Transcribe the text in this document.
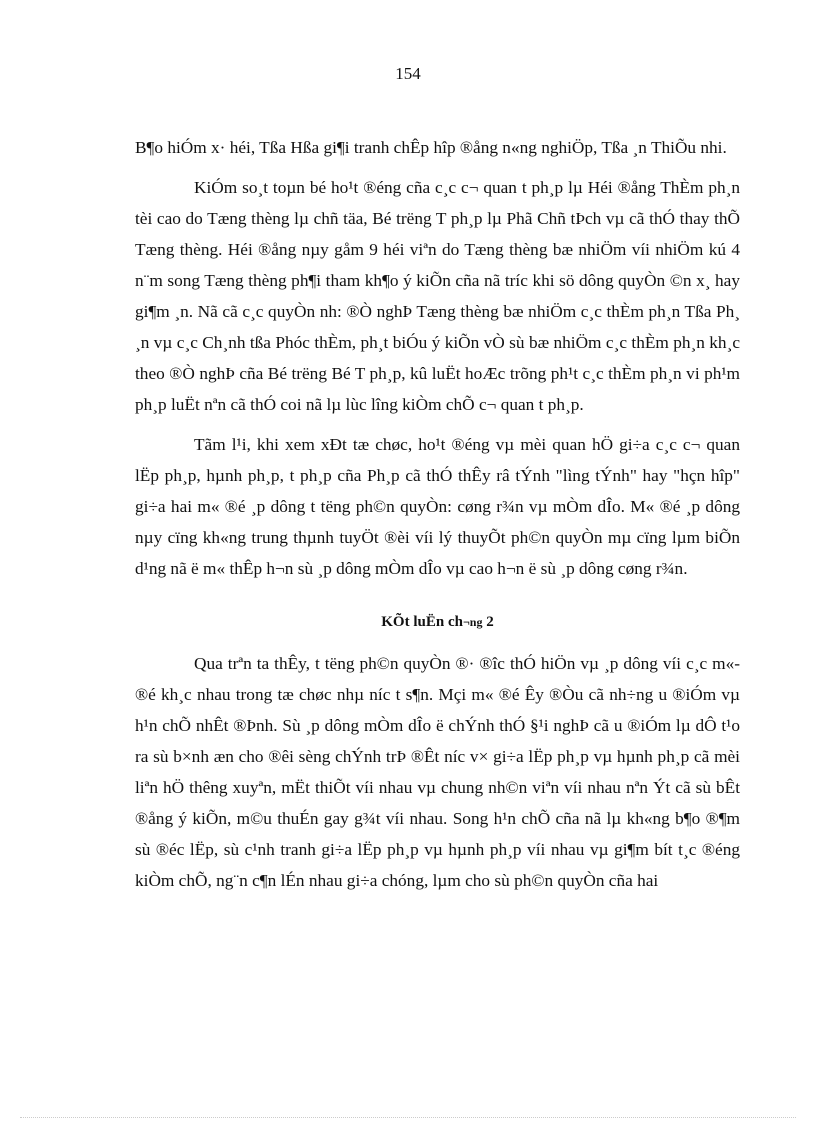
154

B¶o hiÓm x· héi, Tßa Hßa gi¶i tranh chÊp hîp ®ång n«ng nghiÖp, Tßa ¸n ThiÕu nhi.

KiÓm so¸t toµn bé ho¹t ®éng cña c¸c c¬ quan t ph¸p lµ Héi ®ång ThÈm ph¸n tèi cao do Tæng thèng lµ chñ täa, Bé trëng T ph¸p lµ Phã Chñ tÞch vµ cã thÓ thay thÕ Tæng thèng. Héi ®ång nµy gåm 9 héi viªn do Tæng thèng bæ nhiÖm víi nhiÖm kú 4 n¨m song Tæng thèng ph¶i tham kh¶o ý kiÕn cña nã tríc khi sö dông quyÒn ©n x¸ hay gi¶m ¸n. Nã cã c¸c quyÒn nh: ®Ò nghÞ Tæng thèng bæ nhiÖm c¸c thÈm ph¸n Tßa Ph¸ ¸n vµ c¸c Ch¸nh tßa Phóc thÈm, ph¸t biÓu ý kiÕn vÒ sù bæ nhiÖm c¸c thÈm ph¸n kh¸c theo ®Ò nghÞ cña Bé trëng Bé T ph¸p, kû luËt hoÆc trõng ph¹t c¸c thÈm ph¸n vi ph¹m ph¸p luËt nªn cã thÓ coi nã lµ lùc lîng kiÒm chÕ c¬ quan t ph¸p.

Tãm l¹i, khi xem xÐt tæ chøc, ho¹t ®éng vµ mèi quan hÖ gi÷a c¸c c¬ quan lËp ph¸p, hµnh ph¸p, t ph¸p cña Ph¸p cã thÓ thÊy râ tÝnh "lìng tÝnh" hay "hçn hîp" gi÷a hai m« ®é ¸p dông t tëng ph©n quyÒn: cøng r¾n vµ mÒm dÎo. M« ®é ¸p dông nµy cïng kh«ng trung thµnh tuyÖt ®èi víi lý thuyÕt ph©n quyÒn mµ cïng lµm biÕn d¹ng nã ë m« thÊp h¬n sù ¸p dông mÒm dÎo vµ cao h¬n ë sù ¸p dông cøng r¾n.

KÕt luËn ch¬ng 2

Qua trªn ta thÊy, t tëng ph©n quyÒn ®· ®îc thÓ hiÖn vµ ¸p dông víi c¸c m« ®é kh¸c nhau trong tæ chøc nhµ níc t s¶n. Mçi m« ®é Êy ®Òu cã nh÷ng u ®iÓm vµ h¹n chÕ nhÊt ®Þnh. Sù ¸p dông mÒm dÎo ë chÝnh thÓ §¹i nghÞ cã u ®iÓm lµ dÔ t¹o ra sù b×nh æn cho ®êi sèng chÝnh trÞ ®Êt níc v× gi÷a lËp ph¸p vµ hµnh ph¸p cã mèi liªn hÖ thêng xuyªn, mËt thiÕt víi nhau vµ chung nh©n viªn víi nhau nªn Ýt cã sù bÊt ®ång ý kiÕn, m©u thuÉn gay g¾t víi nhau. Song h¹n chÕ cña nã lµ kh«ng b¶o ®¶m sù ®éc lËp, sù c¹nh tranh gi÷a lËp ph¸p vµ hµnh ph¸p víi nhau vµ gi¶m bít t¸c ®éng kiÒm chÕ, ng¨n c¶n lÉn nhau gi÷a chóng, lµm cho sù ph©n quyÒn cña hai
